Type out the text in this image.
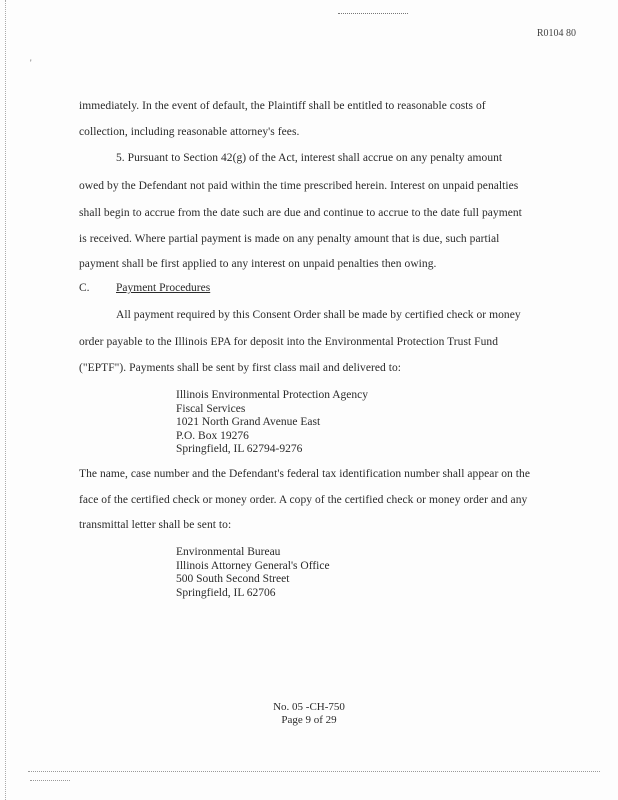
'
R0104 80
immediately. In the event of default, the Plaintiff shall be entitled to reasonable costs of
collection, including reasonable attorney's fees.
5. Pursuant to Section 42(g) of the Act, interest shall accrue on any penalty amount
owed by the Defendant not paid within the time prescribed herein. Interest on unpaid penalties
shall begin to accrue from the date such are due and continue to accrue to the date full payment
is received. Where partial payment is made on any penalty amount that is due, such partial
payment shall be first applied to any interest on unpaid penalties then owing.
C. Payment Procedures
All payment required by this Consent Order shall be made by certified check or money
order payable to the Illinois EPA for deposit into the Environmental Protection Trust Fund
("EPTF"). Payments shall be sent by first class mail and delivered to:
Illinois Environmental Protection Agency
Fiscal Services
1021 North Grand Avenue East
P.O. Box 19276
Springfield, IL 62794-9276
The name, case number and the Defendant's federal tax identification number shall appear on the
face of the certified check or money order. A copy of the certified check or money order and any
transmittal letter shall be sent to:
Environmental Bureau
Illinois Attorney General's Office
500 South Second Street
Springfield, IL 62706
No. 05 -CH-750
Page 9 of 29
